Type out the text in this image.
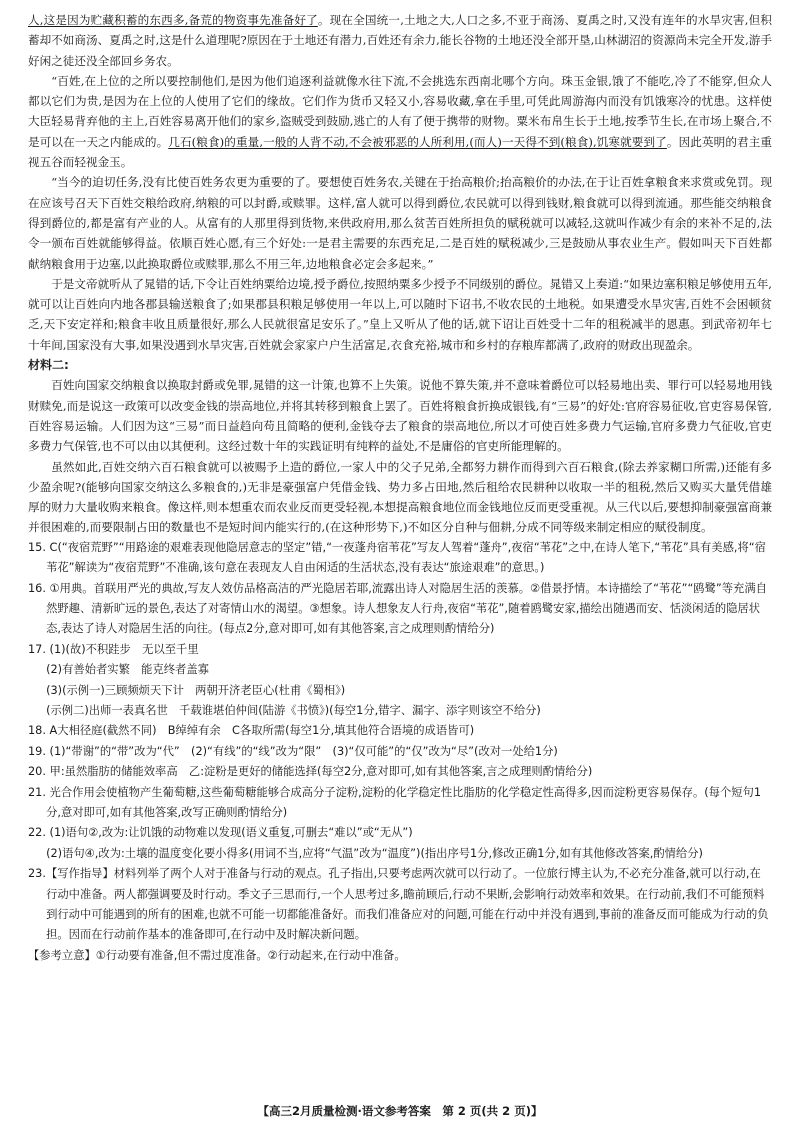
人,这是因为贮藏积蓄的东西多,备荒的物资事先准备好了。现在全国统一,土地之大,人口之多,不亚于商汤、夏禹之时,又没有连年的水旱灾害,但积蓄却不如商汤、夏禹之时,这是什么道理呢?原因在于土地还有潜力,百姓还有余力,能长谷物的土地还没全部开垦,山林湖沼的资源尚未完全开发,游手好闲之徒还没全部回乡务农。

“百姓,在上位的之所以要控制他们,是因为他们追逐利益就像水往下流,不会挑选东西南北哪个方向。珠玉金银,饿了不能吃,冷了不能穿,但众人都以它们为贵,是因为在上位的人使用了它们的缘故。它们作为货币又轻又小,容易收藏,拿在手里,可凭此周游海内而没有饥饿寒冷的忧患。这样使大臣轻易背弃他的主上,百姓容易离开他们的家乡,盗贼受到鼓励,逃亡的人有了便于携带的财物。粟米布帛生长于土地,按季节生长,在市场上聚合,不是可以在一天之内能成的。几石(粮食)的重量,一般的人背不动,不会被邪恶的人所利用,(而人)一天得不到(粮食),饥寒就要到了。因此英明的君主重视五谷而轻视金玉。

“当今的迫切任务,没有比使百姓务农更为重要的了。要想使百姓务农,关键在于抬高粮价;抬高粮价的办法,在于让百姓拿粮食来求赏或免罚。现在应该号召天下百姓交粮给政府,纳粮的可以封爵,或赎罪。这样,富人就可以得到爵位,农民就可以得到钱财,粮食就可以得到流通。那些能交纳粮食得到爵位的,都是富有产业的人。从富有的人那里得到货物,来供政府用,那么贫苦百姓所担负的赋税就可以减轻,这就叫作减少有余的来补不足的,法令一颁布百姓就能够得益。依顺百姓心愿,有三个好处:一是君主需要的东西充足,二是百姓的赋税减少,三是鼓励从事农业生产。假如叫天下百姓都献纳粮食用于边塞,以此换取爵位或赎罪,那么不用三年,边地粮食必定会多起来。”

于是文帝就听从了晁错的话,下令让百姓纳粟给边境,授予爵位,按照纳粟多少授予不同级别的爵位。晁错又上奏道:“如果边塞积粮足够使用五年,就可以让百姓向内地各郡县输送粮食了;如果郡县积粮足够使用一年以上,可以随时下诏书,不收农民的土地税。如果遭受水旱灾害,百姓不会困顿贫乏,天下安定祥和;粮食丰收且质量很好,那么人民就很富足安乐了。”皇上又听从了他的话,就下诏让百姓受十二年的租税减半的恩惠。到武帝初年七十年间,国家没有大事,如果没遇到水旱灾害,百姓就会家家户户生活富足,衣食充裕,城市和乡村的存粮库都满了,政府的财政出现盈余。

材料二:

百姓向国家交纳粮食以换取封爵或免罪,晁错的这一计策,也算不上失策。说他不算失策,并不意味着爵位可以轻易地出卖、罪行可以轻易地用钱财赎免,而是说这一政策可以改变金钱的崇高地位,并将其转移到粮食上罢了。百姓将粮食折换成银钱,有“三易”的好处:官府容易征收,官吏容易保管,百姓容易运输。人们因为这“三易”而日益趋向苟且简略的便利,金钱夺去了粮食的崇高地位,所以才可使百姓多费力气运输,官府多费力气征收,官吏多费力气保管,也不可以由以其便利。这经过数十年的实践证明有纯粹的益处,不是庸俗的官吏所能理解的。

虽然如此,百姓交纳六百石粮食就可以被赐予上造的爵位,一家人中的父子兄弟,全都努力耕作而得到六百石粮食,(除去养家糊口所需,)还能有多少盈余呢?(能够向国家交纳这么多粮食的,)无非是豪强富户凭借金钱、势力多占田地,然后租给农民耕种以收取一半的租税,然后又购买大量凭借雄厚的财力大量收购来粮食。像这样,则本想重农而农业反而更受轻视,本想提高粮食地位而金钱地位反而更受重视。从三代以后,要想抑制豪强富商兼并很困难的,而要限制占田的数量也不是短时间内能实行的,(在这种形势下,)不如区分自种与佃耕,分成不同等级来制定相应的赋役制度。

15. C(“夜宿荒野”“用路途的艰难表现他隐居意志的坚定”错,“一夜蓬舟宿苇花”写友人驾着“蓬舟”,夜宿“苇花”之中,在诗人笔下,“苇花”具有美感,将“宿苇花”解读为“夜宿荒野”不准确,该句意在表现友人自由闲适的生活状态,没有表达“旅途艰难”的意思。)

16. ①用典。首联用严光的典故,写友人效仿品格高洁的严光隐居若耶,流露出诗人对隐居生活的羡慕。②借景抒情。本诗描绘了“苇花”“鸥鹭”等充满自然野趣、清新旷远的景色,表达了对寄情山水的渴望。③想象。诗人想象友人行舟,夜宿“苇花”,随着鸥鹭安家,描绘出随遇而安、恬淡闲适的隐居状态,表达了诗人对隐居生活的向往。(每点2分,意对即可,如有其他答案,言之成理则酌情给分)

17. (1)(故)不积跬步　无以至千里

(2)有善始者实繁　能克终者盖寡

(3)(示例一)三顾频烦天下计　两朝开济老臣心(杜甫《蜀相》)

(示例二)出师一表真名世　千载谁堪伯仲间(陆游《书愤》)(每空1分,错字、漏字、添字则该空不给分)

18. A大相径庭(截然不同)　B绰绰有余　C各取所需(每空1分,填其他符合语境的成语皆可)

19. (1)“带谢”的“带”改为“代”　(2)“有线”的“线”改为“限”　(3)“仅可能”的“仅”改为“尽”(改对一处给1分)

20. 甲:虽然脂肪的储能效率高　乙:淀粉是更好的储能选择(每空2分,意对即可,如有其他答案,言之成理则酌情给分)

21. 光合作用会使植物产生葡萄糖,这些葡萄糖能够合成高分子淀粉,淀粉的化学稳定性比脂肪的化学稳定性高得多,因而淀粉更容易保存。(每个短句1分,意对即可,如有其他答案,改写正确则酌情给分)

22. (1)语句②,改为:让饥饿的动物难以发现(语义重复,可删去“难以”或“无从”)

(2)语句④,改为:土壤的温度变化要小得多(用词不当,应将“气温”改为“温度”)(指出序号1分,修改正确1分,如有其他修改答案,酌情给分)

23.【写作指导】材料列举了两个人对于准备与行动的观点。孔子指出,只要考虑两次就可以行动了。一位旅行博主认为,不必充分准备,就可以行动,在行动中准备。两人都强调要及时行动。季文子三思而行,一个人思考过多,瞻前顾后,行动不果断,会影响行动效率和效果。在行动前,我们不可能预料到行动中可能遇到的所有的困难,也就不可能一切都能准备好。而我们准备应对的问题,可能在行动中并没有遇到,事前的准备反而可能成为行动的负担。因而在行动前作基本的准备即可,在行动中及时解决新问题。

【参考立意】①行动要有准备,但不需过度准备。②行动起来,在行动中准备。

【高三2月质量检测·语文参考答案　第 2 页(共 2 页)】
